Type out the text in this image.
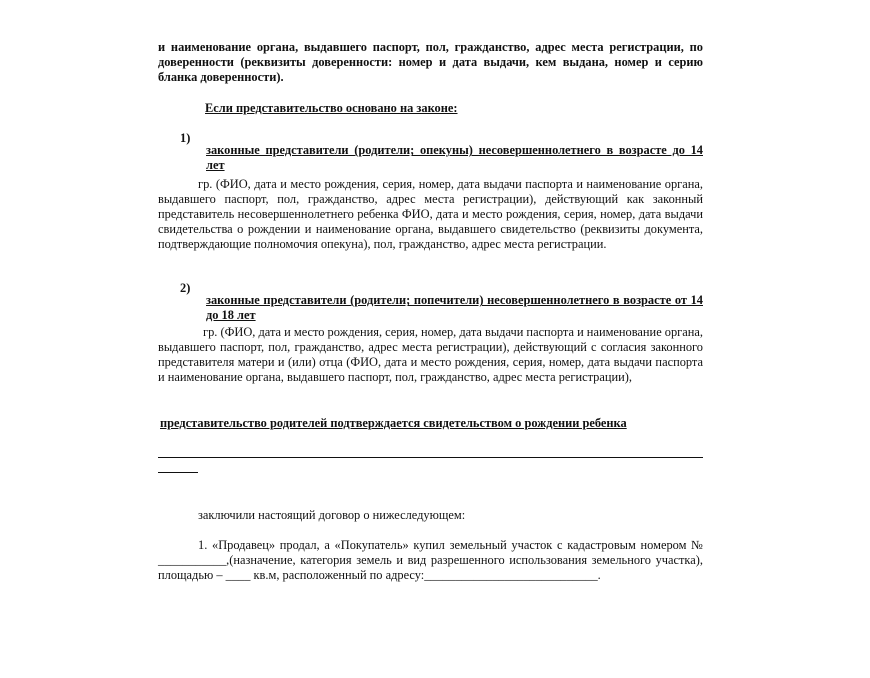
и наименование органа, выдавшего паспорт, пол, гражданство, адрес места регистрации, по доверенности (реквизиты доверенности: номер и дата выдачи, кем выдана, номер и серию бланка доверенности).

Если представительство основано на законе:

1)

законные представители (родители; опекуны) несовершеннолетнего в возрасте до 14 лет

гр. (ФИО, дата и место рождения, серия, номер, дата выдачи паспорта и наименование органа, выдавшего паспорт, пол, гражданство, адрес места регистрации), действующий как законный представитель несовершеннолетнего ребенка ФИО, дата и место рождения, серия, номер, дата выдачи свидетельства о рождении и наименование органа, выдавшего свидетельство (реквизиты документа, подтверждающие полномочия опекуна), пол, гражданство, адрес места регистрации.

2)

законные представители (родители; попечители) несовершеннолетнего в возрасте от 14 до 18 лет

гр. (ФИО, дата и место рождения, серия, номер, дата выдачи паспорта и наименование органа, выдавшего паспорт, пол, гражданство, адрес места регистрации), действующий с согласия законного представителя матери и (или) отца (ФИО, дата и место рождения, серия, номер, дата выдачи паспорта и наименование органа, выдавшего паспорт, пол, гражданство, адрес места регистрации),

представительство родителей подтверждается свидетельством о рождении ребенка

заключили настоящий договор о нижеследующем:

1. «Продавец» продал, а «Покупатель» купил земельный участок с кадастровым номером № ___________,(назначение, категория земель и вид разрешенного использования земельного участка), площадью – ____ кв.м, расположенный по адресу:____________________________.
